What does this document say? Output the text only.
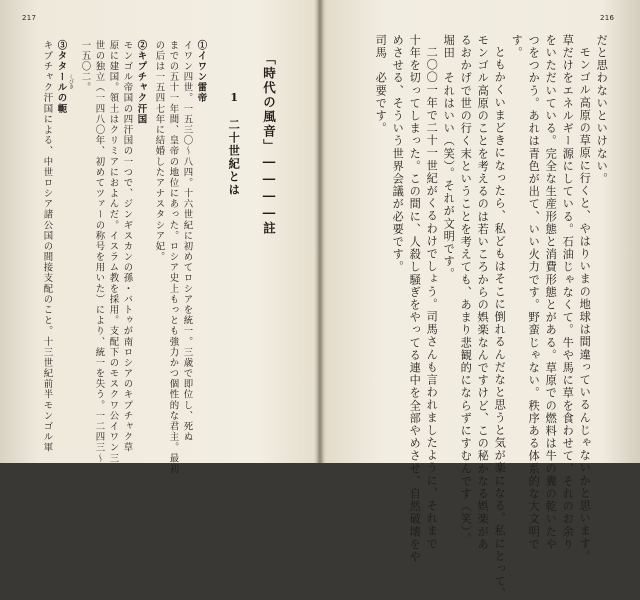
217
「時代の風音」――――註
1　二十世紀とは
①イワン雷帝
イワン四世。一五三〇〜八四。十六世紀に初めてロシアを統一。三歳で即位し、死ぬ
までの五十一年間、皇帝の地位にあった。ロシア史上もっとも強力かつ個性的な君主。最初
の后は一五四七年に結婚したアナスタシア妃。
②キプチャク汗国
モンゴル帝国の四汗国の一つで、ジンギスカンの孫・バトゥが南ロシアのキプチャク草
原に建国。領土はクリミアにおよんだ。イスラム教を採用。支配下のモスクワ公イワン三
世の独立（一四八〇年、初めてツァーの称号を用いた）により、統一を失う。一二四三〜
一五〇二。
③タタールの軛 くびき
キプチャク汗国による、中世ロシア諸公国の間接支配のこと。十三世紀前半モンゴル軍
216
だと思わないといけない。
モンゴル高原の草原に行くと、やはりいまの地球は間違っているんじゃないかと思います。
草だけをエネルギー源にしている。石油じゃなくて。牛や馬に草を食わせて、それのお余り
をいただいている。完全な生産形態と消費形態とがある。草原での燃料は牛の糞の乾いたや
つをつかう。あれは青色が出て、いい火力です。野蛮じゃない。秩序ある体系的な大文明で
す。
ともかくいまどきになったら、私どもはそこに倒れるんだなと思うと気が楽になる。私にとって、
モンゴル高原のことを考えるのは若いころからの娯楽なんですけど、この秘かなる娯楽があ
るおかげで世の行く末ということを考えても、あまり悲観的にならずにすむんです（笑）。
堀田　それはいい（笑）。それが文明です。
二〇〇一年で二十一世紀がくるわけでしょう。司馬さんも言われましたように、それまで
十年を切ってしまった。この間に、人殺し騒ぎをやってる連中を全部やめさせ、自然破壊をや
めさせる、そういう世界会議が必要です。
司馬　必要です。
